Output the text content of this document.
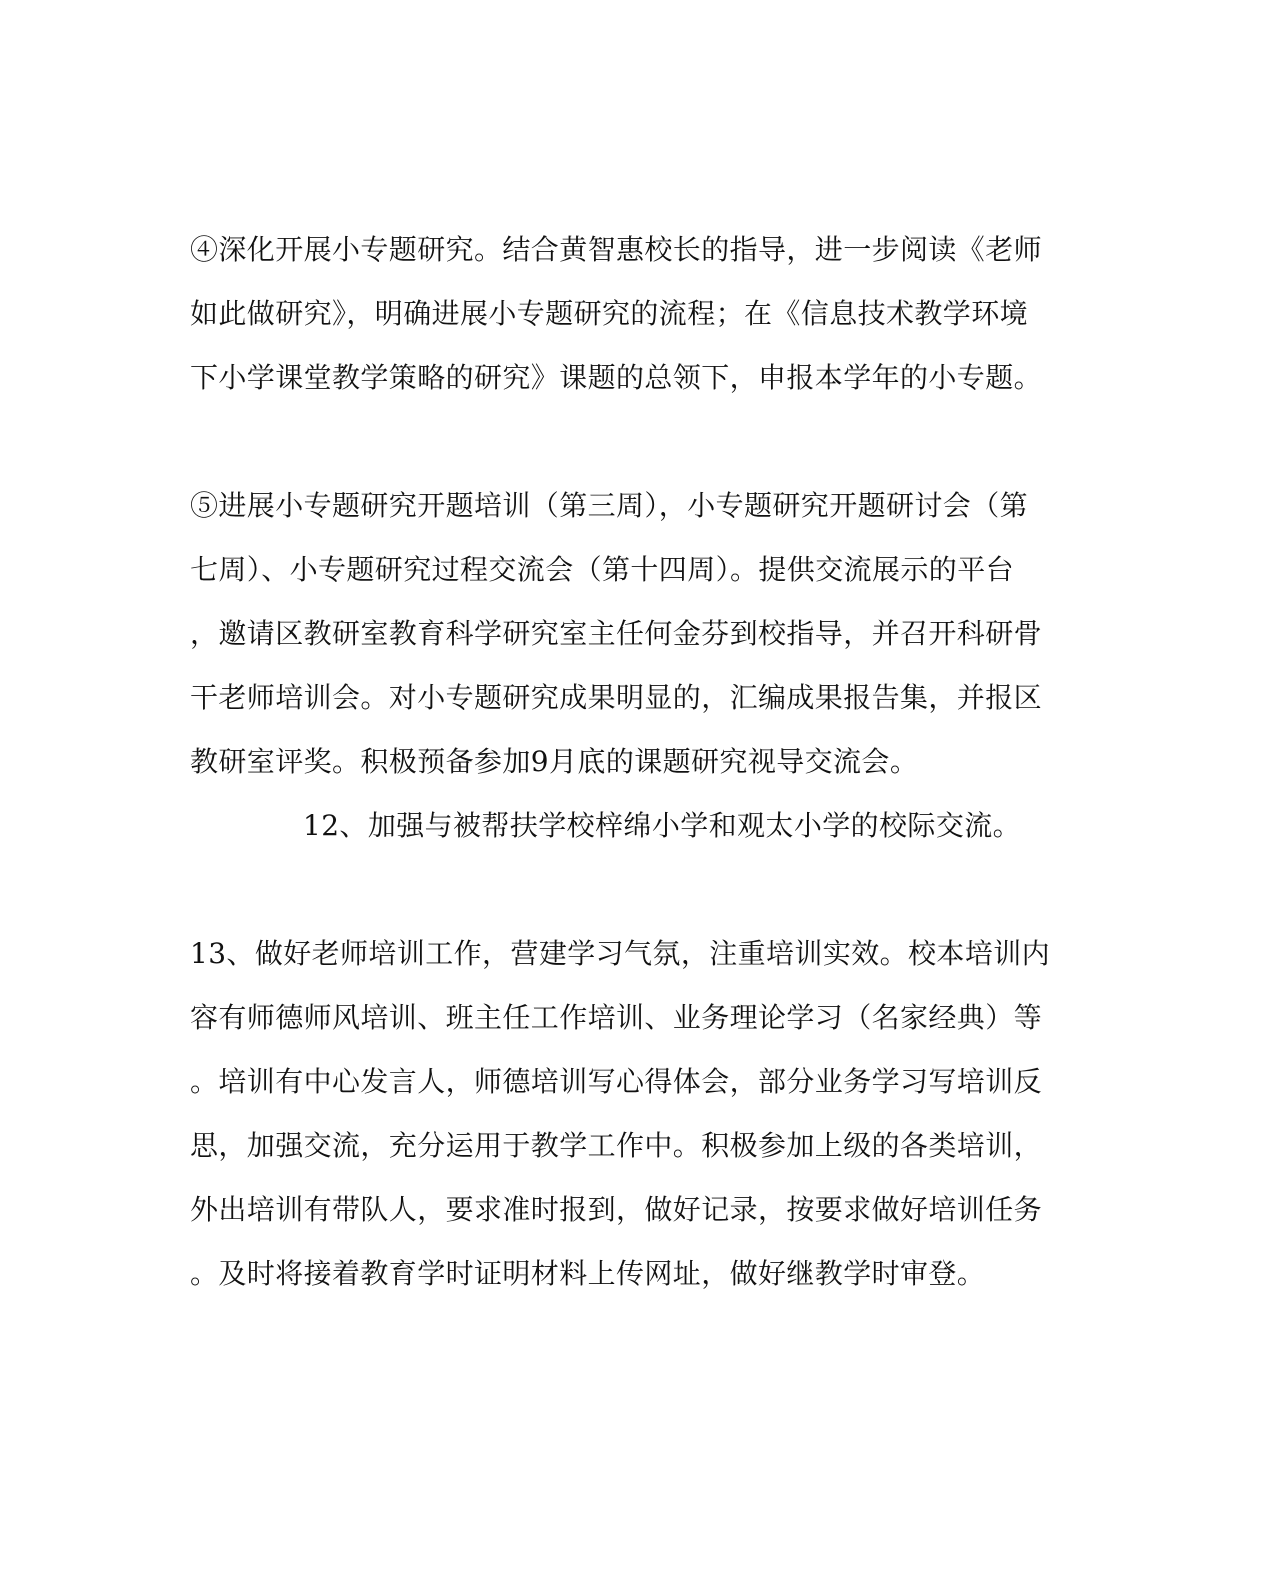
④深化开展小专题研究。结合黄智惠校长的指导，进一步阅读《老师
如此做研究》，明确进展小专题研究的流程；在《信息技术教学环境
下小学课堂教学策略的研究》课题的总领下，申报本学年的小专题。
⑤进展小专题研究开题培训（第三周），小专题研究开题研讨会（第
七周）、小专题研究过程交流会（第十四周）。提供交流展示的平台
，邀请区教研室教育科学研究室主任何金芬到校指导，并召开科研骨
干老师培训会。对小专题研究成果明显的，汇编成果报告集，并报区
教研室评奖。积极预备参加9月底的课题研究视导交流会。
12、加强与被帮扶学校梓绵小学和观太小学的校际交流。
13、做好老师培训工作，营建学习气氛，注重培训实效。校本培训内
容有师德师风培训、班主任工作培训、业务理论学习（名家经典）等
。培训有中心发言人，师德培训写心得体会，部分业务学习写培训反
思，加强交流，充分运用于教学工作中。积极参加上级的各类培训，
外出培训有带队人，要求准时报到，做好记录，按要求做好培训任务
。及时将接着教育学时证明材料上传网址，做好继教学时审登。
